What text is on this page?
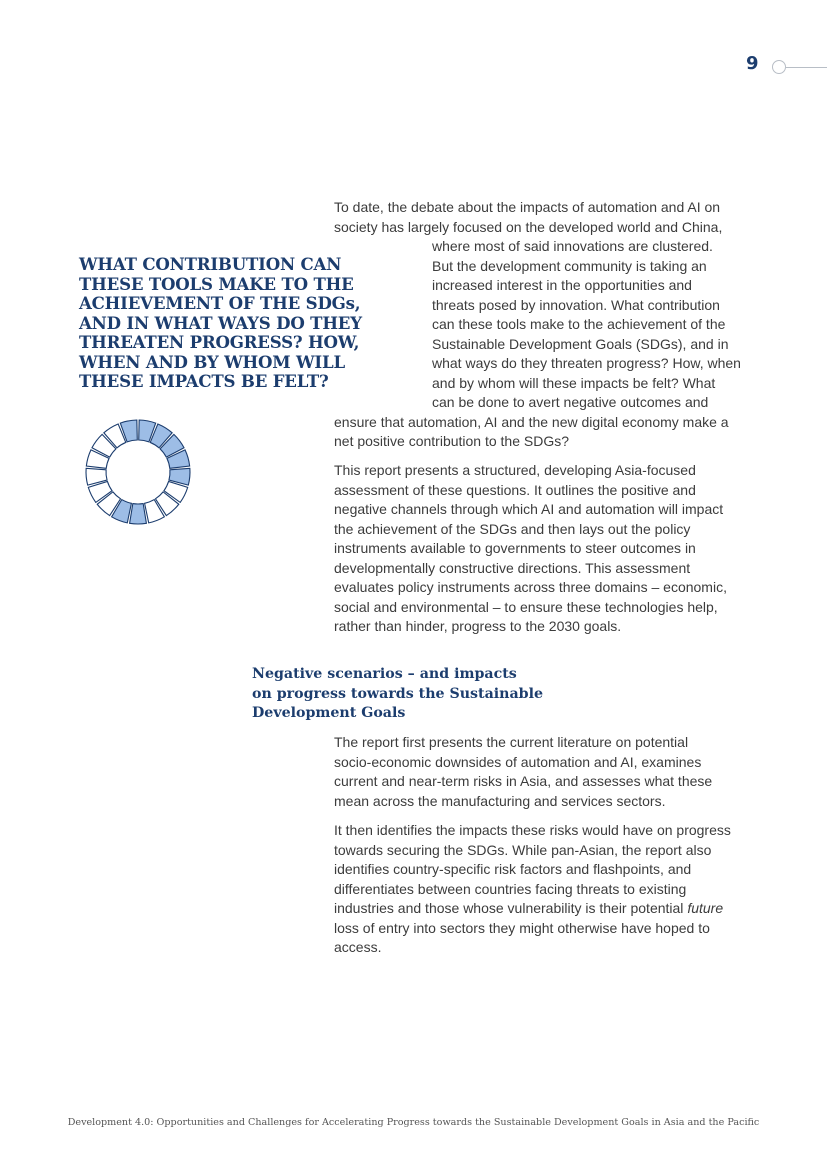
9
WHAT CONTRIBUTION CAN
THESE TOOLS MAKE TO THE
ACHIEVEMENT OF THE SDGs,
AND IN WHAT WAYS DO THEY
THREATEN PROGRESS? HOW,
WHEN AND BY WHOM WILL
THESE IMPACTS BE FELT?
To date, the debate about the impacts of automation and AI on
society has largely focused on the developed world and China,
where most of said innovations are clustered.
But the development community is taking an
increased interest in the opportunities and
threats posed by innovation. What contribution
can these tools make to the achievement of the
Sustainable Development Goals (SDGs), and in
what ways do they threaten progress? How, when
and by whom will these impacts be felt? What
can be done to avert negative outcomes and
ensure that automation, AI and the new digital economy make a
net positive contribution to the SDGs?

This report presents a structured, developing Asia-focused
assessment of these questions. It outlines the positive and
negative channels through which AI and automation will impact
the achievement of the SDGs and then lays out the policy
instruments available to governments to steer outcomes in
developmentally constructive directions. This assessment
evaluates policy instruments across three domains – economic,
social and environmental – to ensure these technologies help,
rather than hinder, progress to the 2030 goals.

Negative scenarios – and impacts
on progress towards the Sustainable
Development Goals

The report first presents the current literature on potential
socio-economic downsides of automation and AI, examines
current and near-term risks in Asia, and assesses what these
mean across the manufacturing and services sectors.

It then identifies the impacts these risks would have on progress
towards securing the SDGs. While pan-Asian, the report also
identifies country-specific risk factors and flashpoints, and
differentiates between countries facing threats to existing
industries and those whose vulnerability is their potential future
loss of entry into sectors they might otherwise have hoped to
access.

Development 4.0: Opportunities and Challenges for Accelerating Progress towards the Sustainable Development Goals in Asia and the Pacific
